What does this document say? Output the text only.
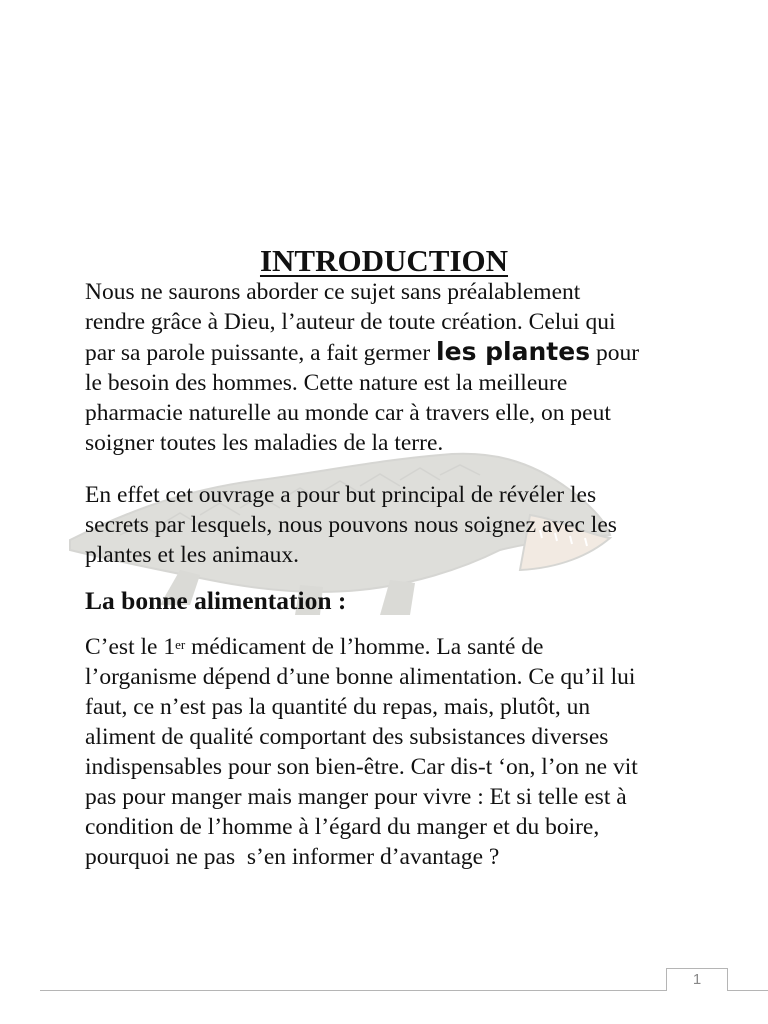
INTRODUCTION

Nous ne saurons aborder ce sujet sans préalablement
rendre grâce à Dieu, l’auteur de toute création. Celui qui
par sa parole puissante, a fait germer les plantes pour
le besoin des hommes. Cette nature est la meilleure
pharmacie naturelle au monde car à travers elle, on peut
soigner toutes les maladies de la terre.

En effet cet ouvrage a pour but principal de révéler les
secrets par lesquels, nous pouvons nous soignez avec les
plantes et les animaux.

La bonne alimentation :

C’est le 1er médicament de l’homme. La santé de
l’organisme dépend d’une bonne alimentation. Ce qu’il lui
faut, ce n’est pas la quantité du repas, mais, plutôt, un
aliment de qualité comportant des subsistances diverses
indispensables pour son bien-être. Car dis-t ‘on, l’on ne vit
pas pour manger mais manger pour vivre : Et si telle est à
condition de l’homme à l’égard du manger et du boire,
pourquoi ne pas  s’en informer d’avantage ?

1
